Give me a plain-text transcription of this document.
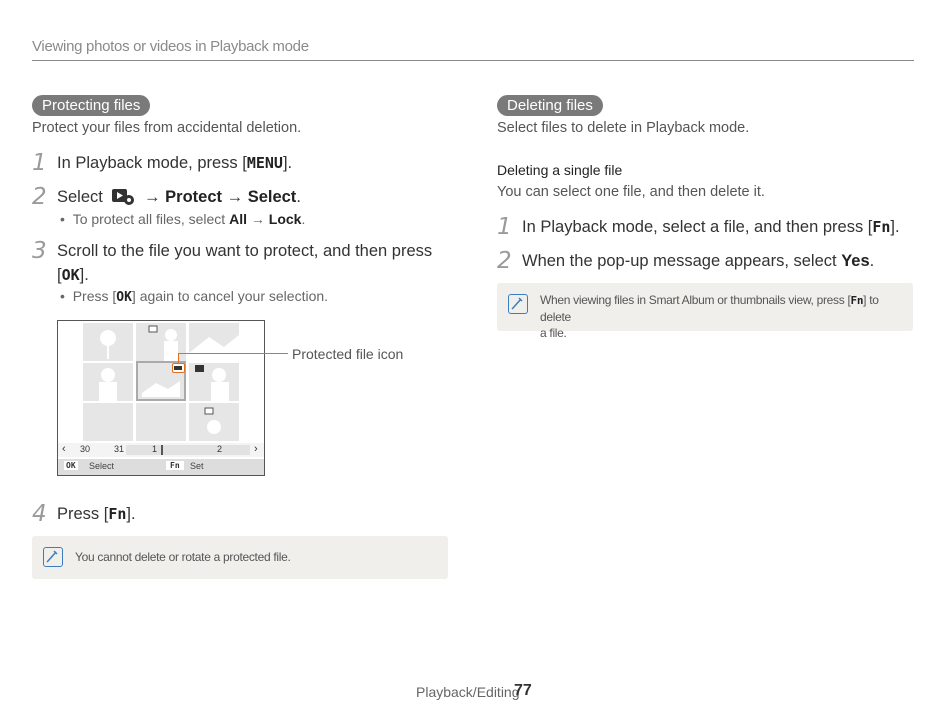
Viewing photos or videos in Playback mode
Protecting files
Protect your files from accidental deletion.
1 In Playback mode, press [MENU].
2 Select → Protect → Select.
•  To protect all files, select All → Lock.
3 Scroll to the file you want to protect, and then press
[OK].
•  Press [OK] again to cancel your selection.
‹ 30	31	1	2	›
OK Select	Fn	Set
Protected file icon
4 Press [Fn].
You cannot delete or rotate a protected file.
Deleting files
Select files to delete in Playback mode.
Deleting a single file
You can select one file, and then delete it.
1 In Playback mode, select a file, and then press [Fn].
2 When the pop-up message appears, select Yes.
When viewing files in Smart Album or thumbnails view, press [Fn] to delete
a file.
Playback/Editing
77
